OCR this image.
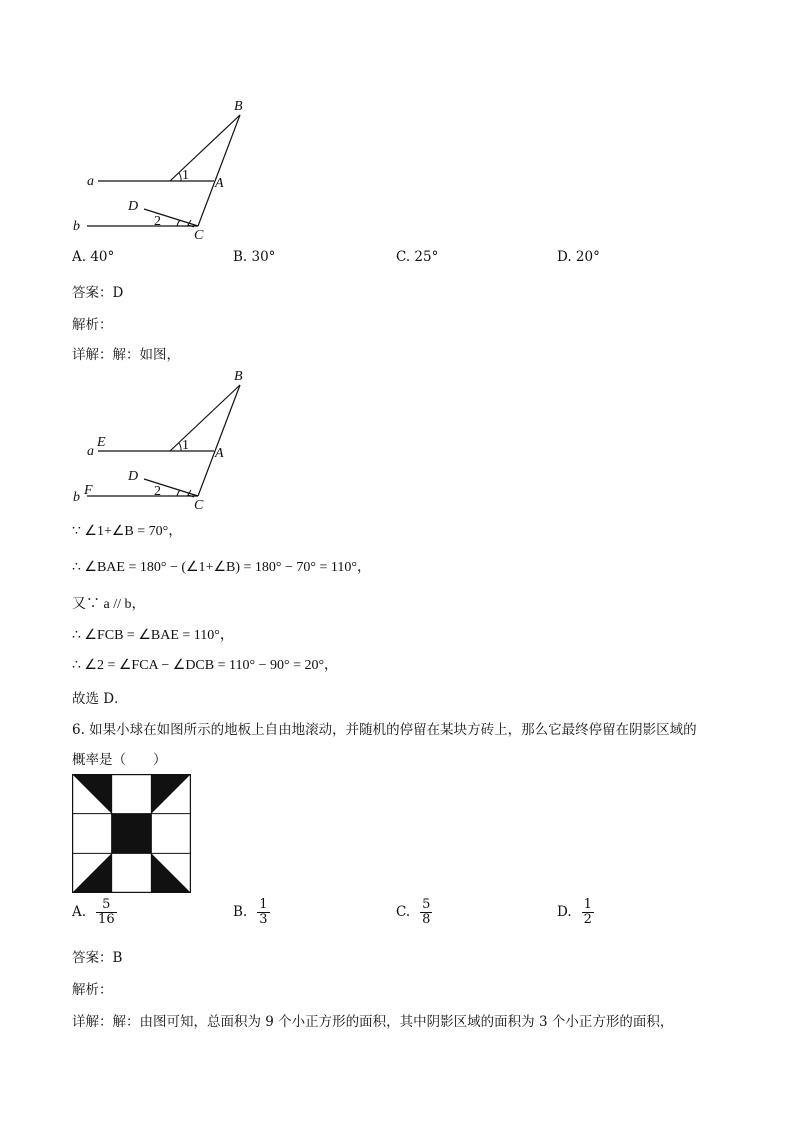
B
A
C
D
a
b
1
2
A. 40°	B. 30°	C. 25°	D. 20°
答案：D
解析：
详解：解：如图，
B
A
C
D
a
b
E
F
1
2
∵ ∠1+∠B = 70°，
∴ ∠BAE = 180° − (∠1+∠B) = 180° − 70° = 110°，
又∵ a // b，
∴ ∠FCB = ∠BAE = 110°，
∴ ∠2 = ∠FCA − ∠DCB = 110° − 90° = 20°，
故选 D．
6. 如果小球在如图所示的地板上自由地滚动，并随机的停留在某块方砖上，那么它最终停留在阴影区域的
概率是（　　）
A. $\frac{5}{16}$	B. $\frac{1}{3}$	C. $\frac{5}{8}$	D. $\frac{1}{2}$
答案：B
解析：
详解：解：由图可知，总面积为 9 个小正方形的面积，其中阴影区域的面积为 3 个小正方形的面积，
